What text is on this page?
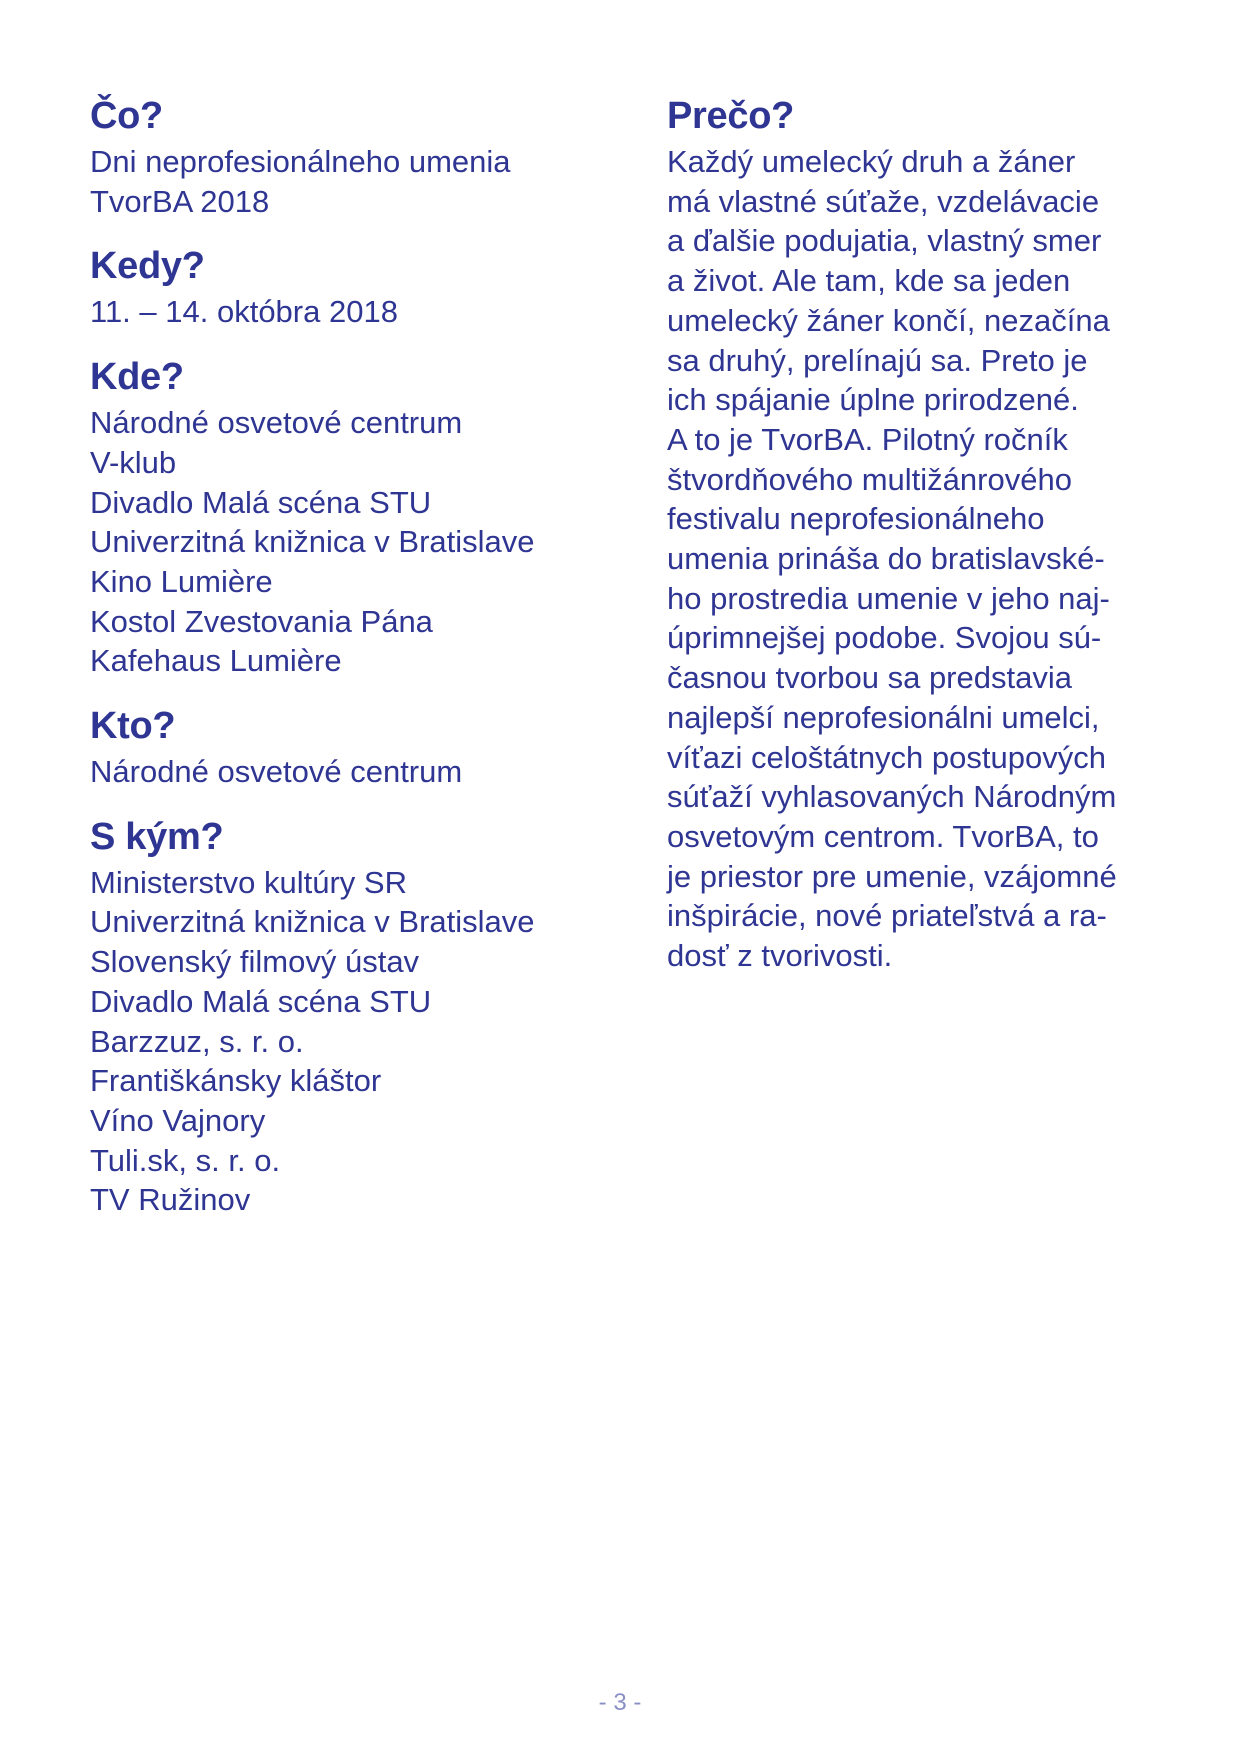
Čo?

Dni neprofesionálneho umenia

TvorBA 2018

Kedy?

11. – 14. októbra 2018

Kde?

Národné osvetové centrum

V-klub

Divadlo Malá scéna STU

Univerzitná knižnica v Bratislave

Kino Lumière

Kostol Zvestovania Pána

Kafehaus Lumière

Kto?

Národné osvetové centrum

S kým?

Ministerstvo kultúry SR

Univerzitná knižnica v Bratislave

Slovenský filmový ústav

Divadlo Malá scéna STU

Barzzuz, s. r. o.

Františkánsky kláštor

Víno Vajnory

Tuli.sk, s. r. o.

TV Ružinov

Prečo?

Každý umelecký druh a žáner

má vlastné súťaže, vzdelávacie

a ďalšie podujatia, vlastný smer

a život. Ale tam, kde sa jeden

umelecký žáner končí, nezačína

sa druhý, prelínajú sa. Preto je

ich spájanie úplne prirodzené.

A to je TvorBA. Pilotný ročník

štvordňového multižánrového

festivalu neprofesionálneho

umenia prináša do bratislavské-

ho prostredia umenie v jeho naj-

úprimnejšej podobe. Svojou sú-

časnou tvorbou sa predstavia

najlepší neprofesionálni umelci,

víťazi celoštátnych postupových

súťaží vyhlasovaných Národným

osvetovým centrom. TvorBA, to

je priestor pre umenie, vzájomné

inšpirácie, nové priateľstvá a ra-

dosť z tvorivosti.

- 3 -
